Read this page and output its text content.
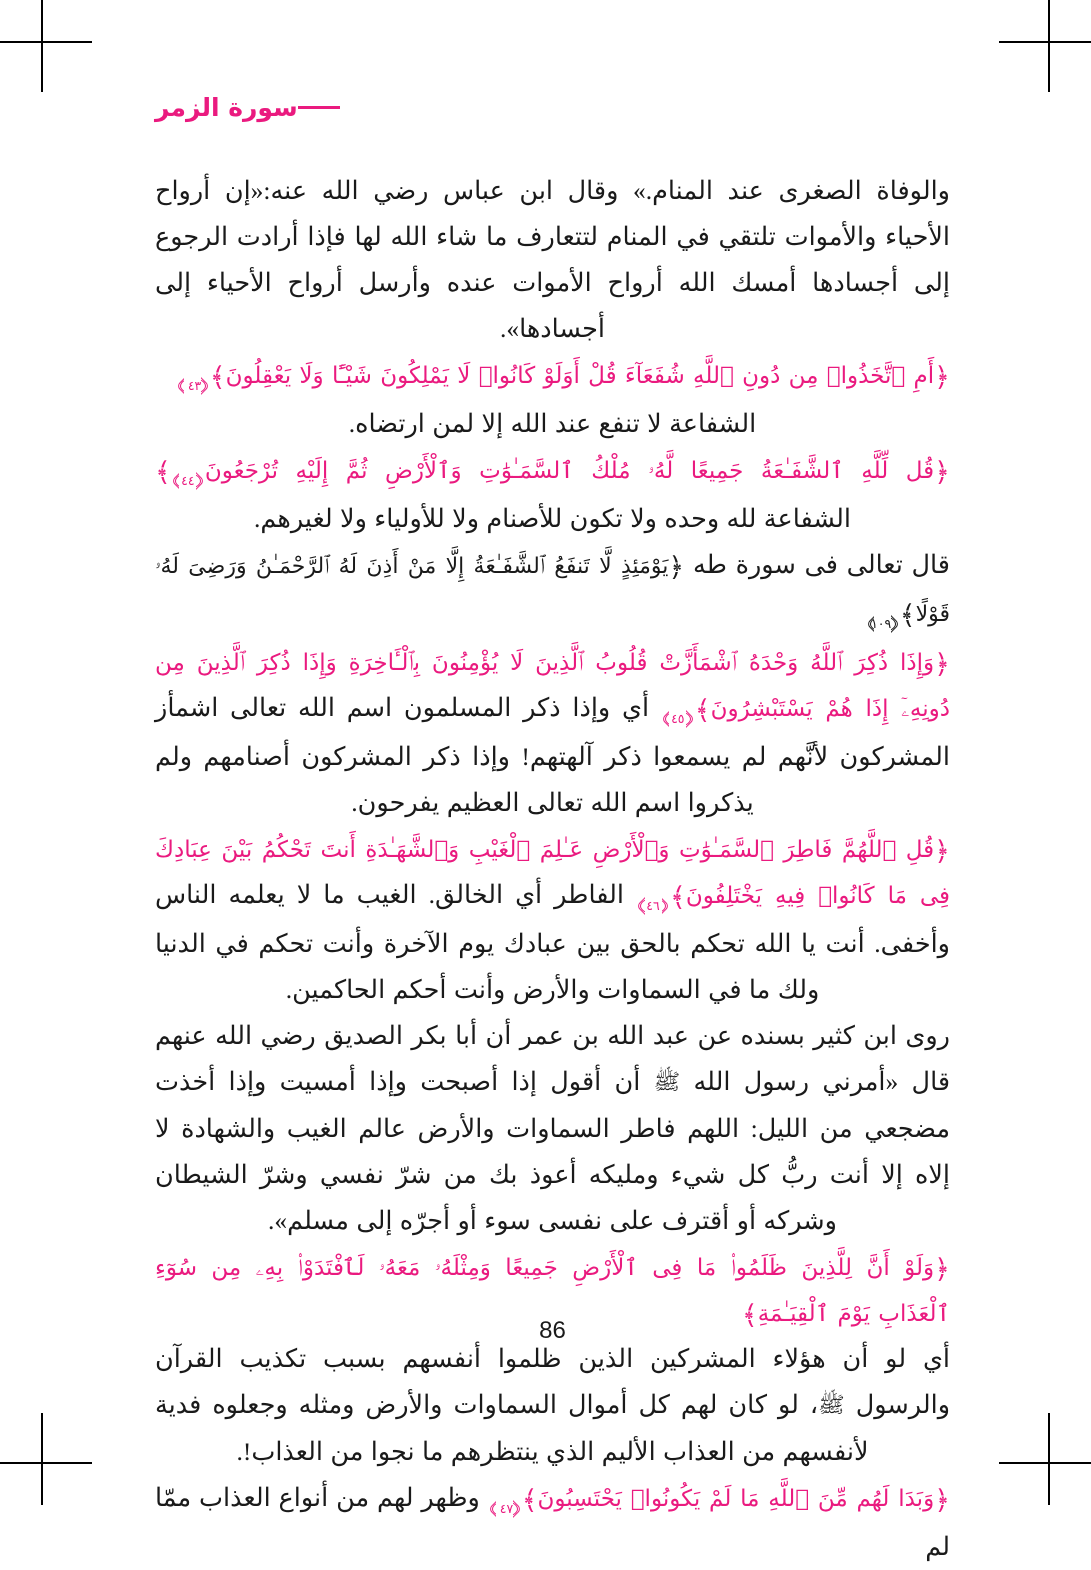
سورة الزمر

والوفاة الصغرى عند المنام.» وقال ابن عباس رضي الله عنه:«إن أرواح الأحياء والأموات تلتقي في المنام لتتعارف ما شاء الله لها فإذا أرادت الرجوع إلى أجسادها أمسك الله أرواح الأموات عنده وأرسل أرواح الأحياء إلى أجسادها».

﴿أَمِ ٱتَّخَذُوا۟ مِن دُونِ ٱللَّهِ شُفَعَآءَ قُلْ أَوَلَوْ كَانُوا۟ لَا يَمْلِكُونَ شَيْـًٔا وَلَا يَعْقِلُونَ﴾
٤٣

الشفاعة لا تنفع عند الله إلا لمن ارتضاه.

﴿قُل لِّلَّهِ ٱلشَّفَـٰعَةُ جَمِيعًا لَّهُۥ مُلْكُ ٱلسَّمَـٰوَٰتِ وَٱلْأَرْضِ ثُمَّ إِلَيْهِ تُرْجَعُونَ
٤٤
﴾ الشفاعة لله وحده ولا تكون للأصنام ولا للأولياء ولا لغيرهم.

قال تعالى فى سورة طه ﴿يَوْمَئِذٍ لَّا تَنفَعُ ٱلشَّفَـٰعَةُ إِلَّا مَنْ أَذِنَ لَهُ ٱلرَّحْمَـٰنُ وَرَضِىَ لَهُۥ قَوْلًا﴾
١٠٩

﴿وَإِذَا ذُكِرَ ٱللَّهُ وَحْدَهُ ٱشْمَأَزَّتْ قُلُوبُ ٱلَّذِينَ لَا يُؤْمِنُونَ بِٱلْـَٔاخِرَةِ وَإِذَا ذُكِرَ ٱلَّذِينَ مِن دُونِهِۦٓ إِذَا هُمْ يَسْتَبْشِرُونَ﴾
٤٥
أي وإذا ذكر المسلمون اسم الله تعالى اشمأز المشركون لأنَّهم لم يسمعوا ذكر آلهتهم! وإذا ذكر المشركون أصنامهم ولم يذكروا اسم الله تعالى العظيم يفرحون.

﴿قُلِ ٱللَّهُمَّ فَاطِرَ ٱلسَّمَـٰوَٰتِ وَٱلْأَرْضِ عَـٰلِمَ ٱلْغَيْبِ وَٱلشَّهَـٰدَةِ أَنتَ تَحْكُمُ بَيْنَ عِبَادِكَ فِى مَا كَانُوا۟ فِيهِ يَخْتَلِفُونَ﴾
٤٦
الفاطر أي الخالق. الغيب ما لا يعلمه الناس وأخفى. أنت يا الله تحكم بالحق بين عبادك يوم الآخرة وأنت تحكم في الدنيا ولك ما في السماوات والأرض وأنت أحكم الحاكمين.

روى ابن كثير بسنده عن عبد الله بن عمر أن أبا بكر الصديق رضي الله عنهم قال «أمرني رسول الله ﷺ أن أقول إذا أصبحت وإذا أمسيت وإذا أخذت مضجعي من الليل: اللهم فاطر السماوات والأرض عالم الغيب والشهادة لا إلاه إلا أنت ربُّ كل شيء ومليكه أعوذ بك من شرّ نفسي وشرّ الشيطان وشركه أو أقترف على نفسى سوء أو أجرّه إلى مسلم».

﴿وَلَوْ أَنَّ لِلَّذِينَ ظَلَمُوا۟ مَا فِى ٱلْأَرْضِ جَمِيعًا وَمِثْلَهُۥ مَعَهُۥ لَٱفْتَدَوْا۟ بِهِۦ مِن سُوٓءِ ٱلْعَذَابِ يَوْمَ ٱلْقِيَـٰمَةِ﴾

أي لو أن هؤلاء المشركين الذين ظلموا أنفسهم بسبب تكذيب القرآن والرسول ﷺ، لو كان لهم كل أموال السماوات والأرض ومثله وجعلوه فدية لأنفسهم من العذاب الأليم الذي ينتظرهم ما نجوا من العذاب!.

﴿وَبَدَا لَهُم مِّنَ ٱللَّهِ مَا لَمْ يَكُونُوا۟ يَحْتَسِبُونَ﴾
٤٧
وظهر لهم من أنواع العذاب ممّا لم

86
